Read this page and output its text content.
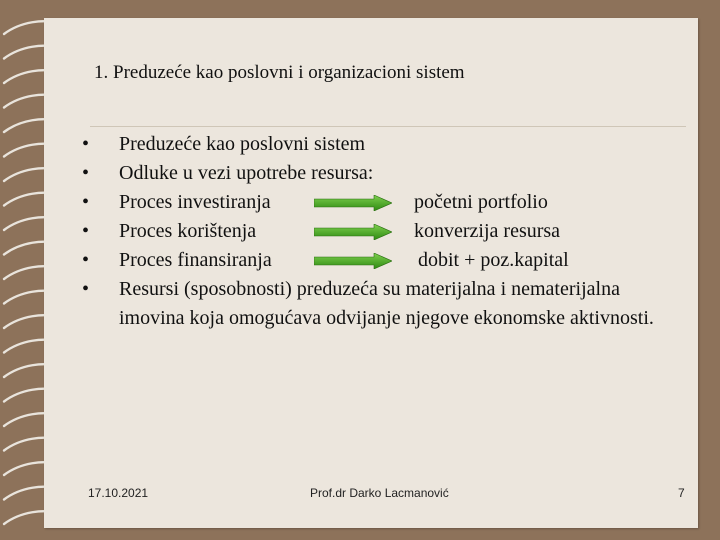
1. Preduzeće kao poslovni i organizacioni sistem
•	Preduzeće kao poslovni sistem
•	Odluke u vezi upotrebe resursa:
•	Proces investiranja	početni portfolio
•	Proces korištenja	konverzija resursa
•	Proces finansiranja	dobit + poz.kapital
•	Resursi (sposobnosti) preduzeća su materijalna i nematerijalna imovina koja omogućava odvijanje njegove ekonomske aktivnosti.
17.10.2021	Prof.dr Darko Lacmanović	7
